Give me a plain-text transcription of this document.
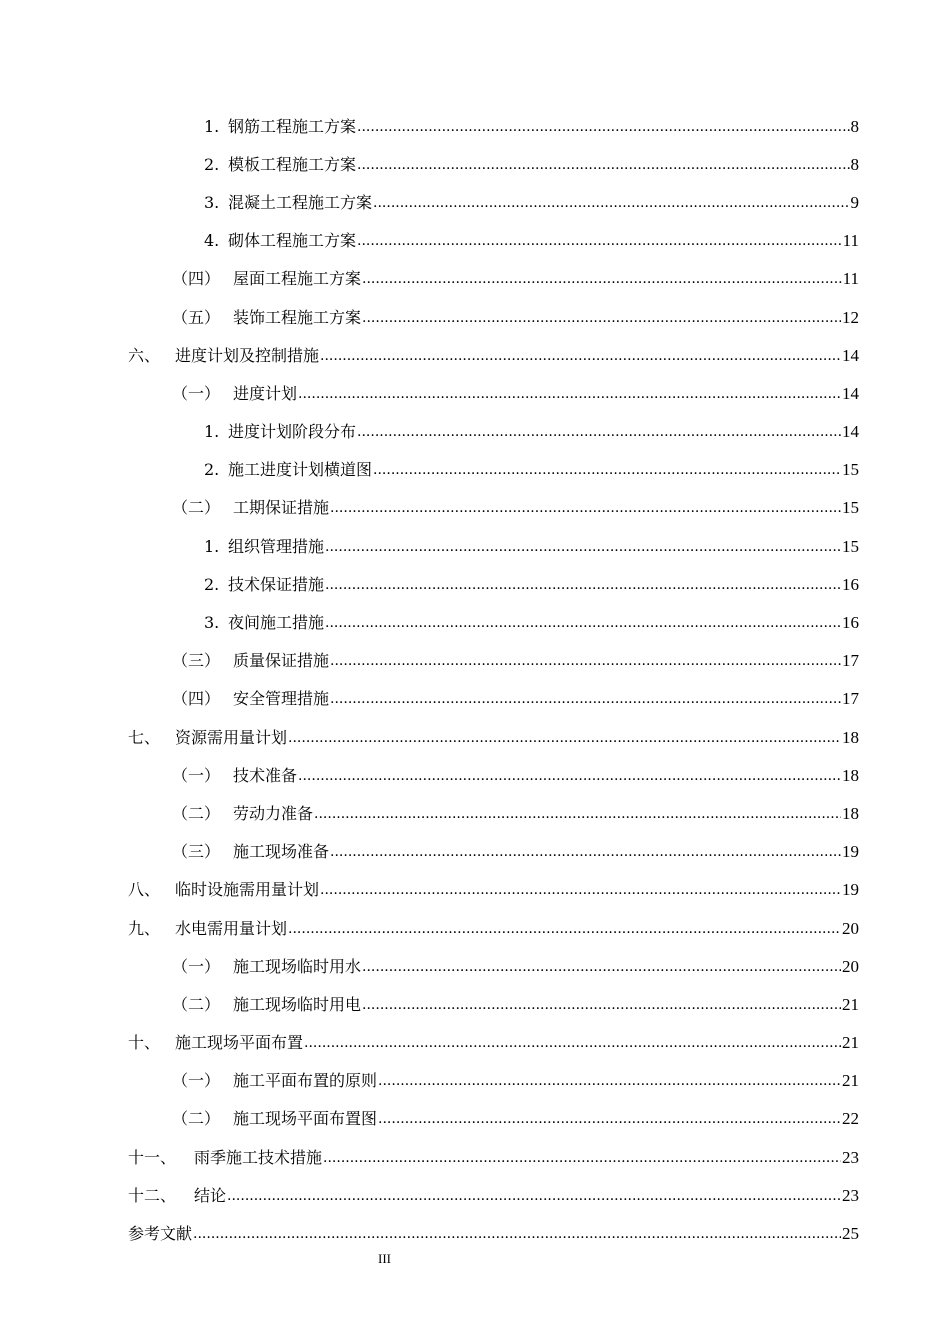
1. 钢筋工程施工方案 .....	8
2. 模板工程施工方案 .....	8
3. 混凝土工程施工方案 .....	9
4. 砌体工程施工方案 .....	11
（四） 屋面工程施工方案 .....	11
（五） 装饰工程施工方案 .....	12
六、 进度计划及控制措施 .....	14
（一） 进度计划 .....	14
1. 进度计划阶段分布 .....	14
2. 施工进度计划横道图 .....	15
（二） 工期保证措施 .....	15
1. 组织管理措施 .....	15
2. 技术保证措施 .....	16
3. 夜间施工措施 .....	16
（三） 质量保证措施 .....	17
（四） 安全管理措施 .....	17
七、 资源需用量计划 .....	18
（一） 技术准备 .....	18
（二） 劳动力准备 .....	18
（三） 施工现场准备 .....	19
八、 临时设施需用量计划 .....	19
九、 水电需用量计划 .....	20
（一） 施工现场临时用水 .....	20
（二） 施工现场临时用电 .....	21
十、 施工现场平面布置 .....	21
（一） 施工平面布置的原则 .....	21
（二） 施工现场平面布置图 .....	22
十一、	雨季施工技术措施 .....	23
十二、	结论 .....	23
参考文献 .....	25
III
